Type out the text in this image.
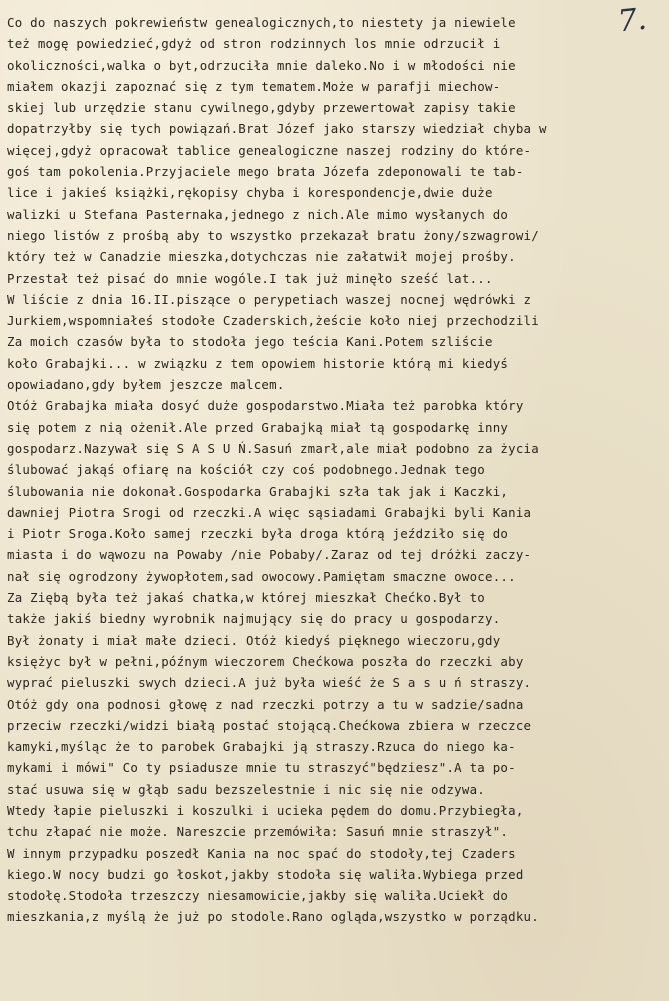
7.
Co do naszych pokrewieństw genealogicznych,to niestety ja niewiele
też mogę powiedzieć,gdyż od stron rodzinnych los mnie odrzucił i
okoliczności,walka o byt,odrzuciła mnie daleko.No i w młodości nie
miałem okazji zapoznać się z tym tematem.Może w parafji miechow-
skiej lub urzędzie stanu cywilnego,gdyby przewertował zapisy takie
dopatrzyłby się tych powiązań.Brat Józef jako starszy wiedział chyba w
więcej,gdyż opracował tablice genealogiczne naszej rodziny do które-
goś tam pokolenia.Przyjaciele mego brata Józefa zdeponowali te tab-
lice i jakieś książki,rękopisy chyba i korespondencje,dwie duże
walizki u Stefana Pasternaka,jednego z nich.Ale mimo wysłanych do
niego listów z prośbą aby to wszystko przekazał bratu żony/szwagrowi/
który też w Canadzie mieszka,dotychczas nie załatwił mojej prośby.
Przestał też pisać do mnie wogóle.I tak już minęło sześć lat...
W liście z dnia 16.II.piszące o perypetiach waszej nocnej wędrówki z
Jurkiem,wspomniałeś stodołe Czaderskich,żeście koło niej przechodzili
Za moich czasów była to stodoła jego teścia Kani.Potem szliście
koło Grabajki... w związku z tem opowiem historie którą mi kiedyś
opowiadano,gdy byłem jeszcze malcem.
Otóż Grabajka miała dosyć duże gospodarstwo.Miała też parobka który
się potem z nią ożenił.Ale przed Grabajką miał tą gospodarkę inny
gospodarz.Nazywał się S A S U Ń.Sasuń zmarł,ale miał podobno za życia
ślubować jakąś ofiarę na kościół czy coś podobnego.Jednak tego
ślubowania nie dokonał.Gospodarka Grabajki szła tak jak i Kaczki,
dawniej Piotra Srogi od rzeczki.A więc sąsiadami Grabajki byli Kania
i Piotr Sroga.Koło samej rzeczki była droga którą jeździło się do
miasta i do wąwozu na Powaby /nie Pobaby/.Zaraz od tej dróżki zaczy-
nał się ogrodzony żywopłotem,sad owocowy.Pamiętam smaczne owoce...
Za Ziębą była też jakaś chatka,w której mieszkał Chećko.Był to
także jakiś biedny wyrobnik najmujący się do pracy u gospodarzy.
Był żonaty i miał małe dzieci. Otóż kiedyś pięknego wieczoru,gdy
księżyc był w pełni,późnym wieczorem Chećkowa poszła do rzeczki aby
wyprać pieluszki swych dzieci.A już była wieść że S a s u ń straszy.
Otóż gdy ona podnosi głowę z nad rzeczki potrzy a tu w sadzie/sadna
przeciw rzeczki/widzi białą postać stojącą.Chećkowa zbiera w rzeczce
kamyki,myśląc że to parobek Grabajki ją straszy.Rzuca do niego ka-
mykami i mówi" Co ty psiadusze mnie tu straszyć"będziesz".A ta po-
stać usuwa się w głąb sadu bezszelestnie i nic się nie odzywa.
Wtedy łapie pieluszki i koszulki i ucieka pędem do domu.Przybiegła,
tchu złapać nie może. Nareszcie przemówiła: Sasuń mnie straszył".
W innym przypadku poszedł Kania na noc spać do stodoły,tej Czaders
kiego.W nocy budzi go łoskot,jakby stodoła się waliła.Wybiega przed
stodołę.Stodoła trzeszczy niesamowicie,jakby się waliła.Uciekł do
mieszkania,z myślą że już po stodole.Rano ogląda,wszystko w porządku.
